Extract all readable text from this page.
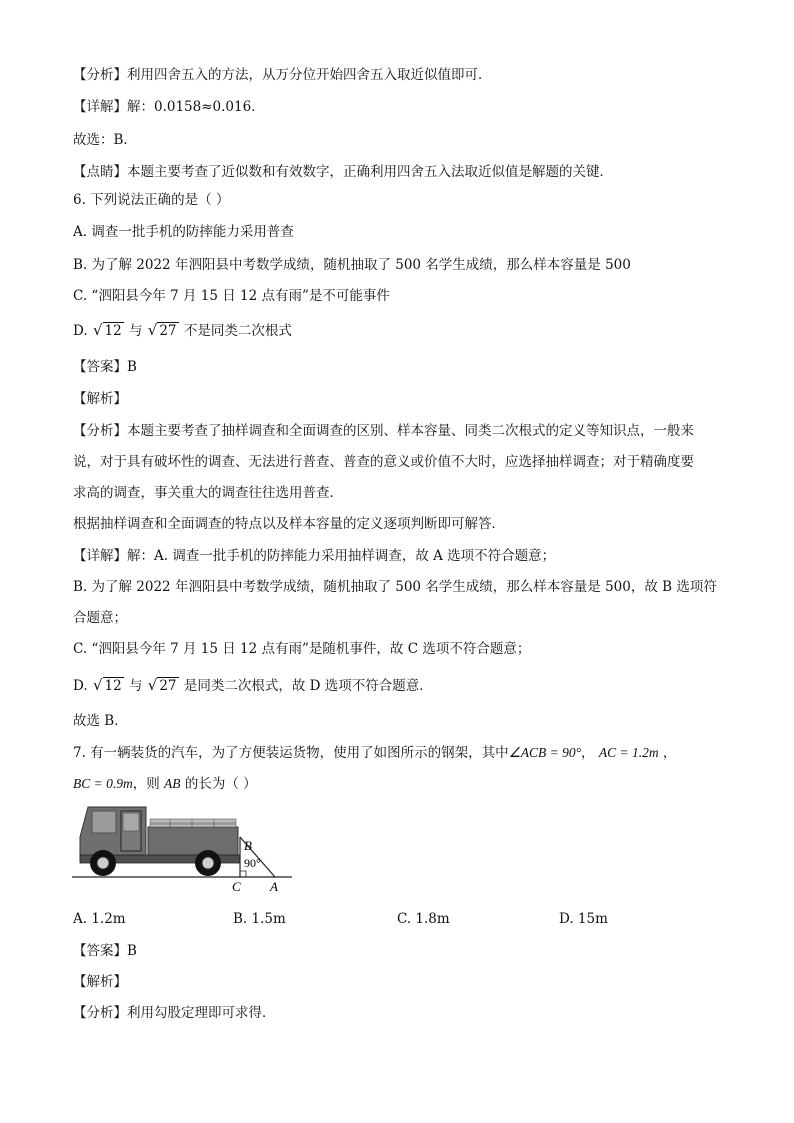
【分析】利用四舍五入的方法，从万分位开始四舍五入取近似值即可．
【详解】解：0.0158≈0.016．
故选：B．
【点睛】本题主要考查了近似数和有效数字，正确利用四舍五入法取近似值是解题的关键．
6. 下列说法正确的是（ ）
A. 调查一批手机的防摔能力采用普查
B. 为了解 2022 年泗阳县中考数学成绩，随机抽取了 500 名学生成绩，那么样本容量是 500
C. “泗阳县今年 7 月 15 日 12 点有雨”是不可能事件
D. √ 12 与 √ 27 不是同类二次根式
【答案】B
【解析】
【分析】本题主要考查了抽样调查和全面调查的区别、样本容量、同类二次根式的定义等知识点，一般来
说，对于具有破坏性的调查、无法进行普查、普查的意义或价值不大时，应选择抽样调查；对于精确度要
求高的调查，事关重大的调查往往选用普查．
根据抽样调查和全面调查的特点以及样本容量的定义逐项判断即可解答．
【详解】解：A. 调查一批手机的防摔能力采用抽样调查，故 A 选项不符合题意；
B. 为了解 2022 年泗阳县中考数学成绩，随机抽取了 500 名学生成绩，那么样本容量是 500，故 B 选项符
合题意；
C. “泗阳县今年 7 月 15 日 12 点有雨”是随机事件，故 C 选项不符合题意；
D. √ 12 与 √ 27 是同类二次根式，故 D 选项不符合题意．
故选 B．
7. 有一辆装货的汽车，为了方便装运货物，使用了如图所示的钢架，其中∠ACB = 90°， AC = 1.2m ，
BC = 0.9m，则 AB 的长为（ ）
B
90°
C A
A. 1.2m	B. 1.5m	C. 1.8m	D. 15m
【答案】B
【解析】
【分析】利用勾股定理即可求得．
